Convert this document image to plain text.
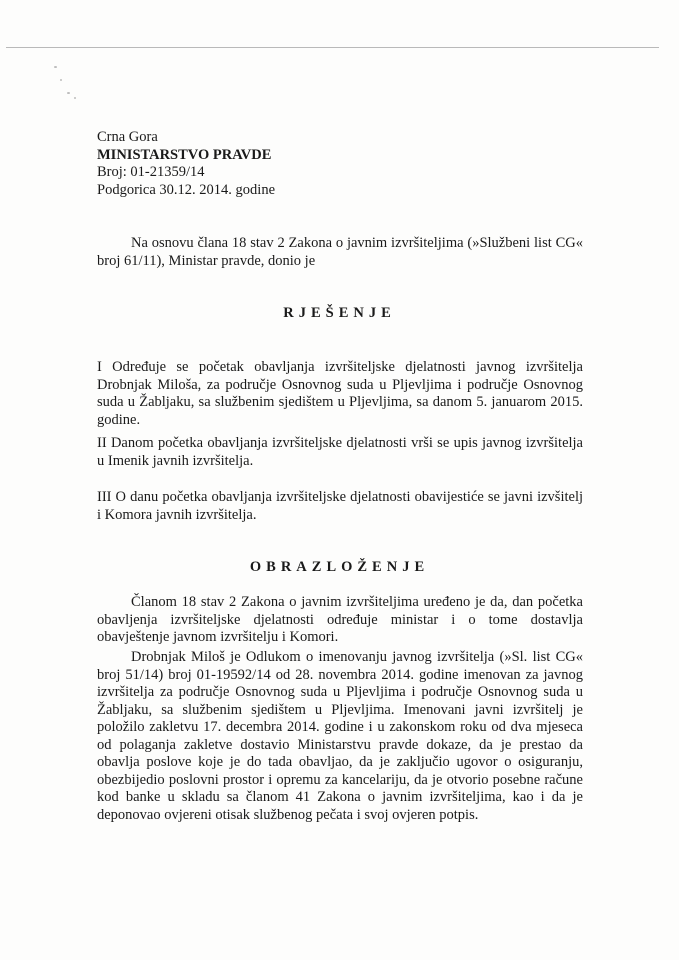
Crna Gora
MINISTARSTVO PRAVDE
Broj: 01-21359/14
Podgorica 30.12. 2014. godine

Na osnovu člana 18 stav 2 Zakona o javnim izvršiteljima (»Službeni list CG« broj 61/11), Ministar pravde, donio je

RJEŠENJE

I Određuje se početak obavljanja izvršiteljske djelatnosti javnog izvršitelja Drobnjak Miloša, za područje Osnovnog suda u Pljevljima i područje Osnovnog suda u Žabljaku, sa službenim sjedištem u Pljevljima, sa danom 5. januarom 2015. godine.

II Danom početka obavljanja izvršiteljske djelatnosti vrši se upis javnog izvršitelja u Imenik javnih izvršitelja.

III O danu početka obavljanja izvršiteljske djelatnosti obavijestiće se javni izvšitelj i Komora javnih izvršitelja.

OBRAZLOŽENJE

Članom 18 stav 2 Zakona o javnim izvršiteljima uređeno je da, dan početka obavljenja izvršiteljske djelatnosti određuje ministar i o tome dostavlja obavještenje javnom izvršitelju i Komori.

Drobnjak Miloš je Odlukom o imenovanju javnog izvršitelja (»Sl. list CG« broj 51/14) broj 01-19592/14 od 28. novembra 2014. godine imenovan za javnog izvršitelja za područje Osnovnog suda u Pljevljima i područje Osnovnog suda u Žabljaku, sa službenim sjedištem u Pljevljima. Imenovani javni izvršitelj je položilo zakletvu 17. decembra 2014. godine i u zakonskom roku od dva mjeseca od polaganja zakletve dostavio Ministarstvu pravde dokaze, da je prestao da obavlja poslove koje je do tada obavljao, da je zaključio ugovor o osiguranju, obezbijedio poslovni prostor i opremu za kancelariju, da je otvorio posebne račune kod banke u skladu sa članom 41 Zakona o javnim izvršiteljima, kao i da je deponovao ovjereni otisak službenog pečata i svoj ovjeren potpis.
